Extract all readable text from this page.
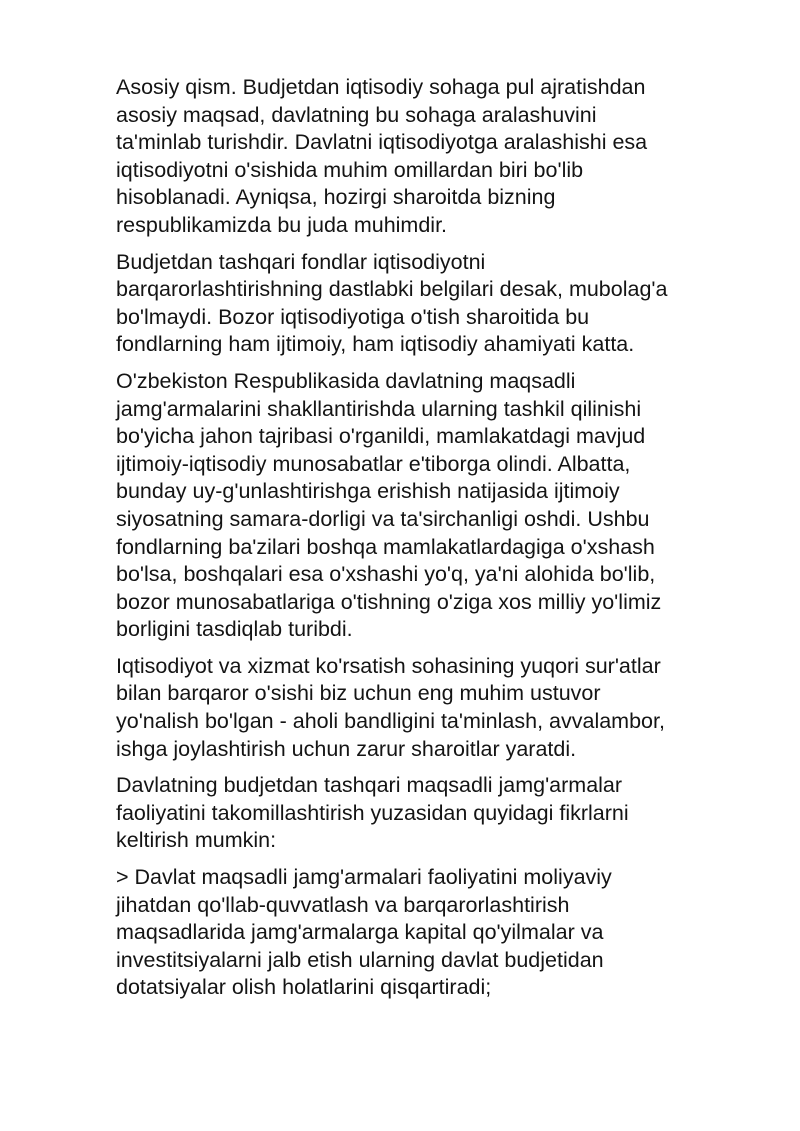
Asosiy qism. Budjetdan iqtisodiy sohaga pul ajratishdan
asosiy maqsad, davlatning bu sohaga aralashuvini
ta'minlab turishdir. Davlatni iqtisodiyotga aralashishi esa
iqtisodiyotni o'sishida muhim omillardan biri bo'lib
hisoblanadi. Ayniqsa, hozirgi sharoitda bizning
respublikamizda bu juda muhimdir.

Budjetdan tashqari fondlar iqtisodiyotni
barqarorlashtirishning dastlabki belgilari desak, mubolag'a
bo'lmaydi. Bozor iqtisodiyotiga o'tish sharoitida bu
fondlarning ham ijtimoiy, ham iqtisodiy ahamiyati katta.

O'zbekiston Respublikasida davlatning maqsadli
jamg'armalarini shakllantirishda ularning tashkil qilinishi
bo'yicha jahon tajribasi o'rganildi, mamlakatdagi mavjud
ijtimoiy-iqtisodiy munosabatlar e'tiborga olindi. Albatta,
bunday uy-g'unlashtirishga erishish natijasida ijtimoiy
siyosatning samara-dorligi va ta'sirchanligi oshdi. Ushbu
fondlarning ba'zilari boshqa mamlakatlardagiga o'xshash
bo'lsa, boshqalari esa o'xshashi yo'q, ya'ni alohida bo'lib,
bozor munosabatlariga o'tishning o'ziga xos milliy yo'limiz
borligini tasdiqlab turibdi.

Iqtisodiyot va xizmat ko'rsatish sohasining yuqori sur'atlar
bilan barqaror o'sishi biz uchun eng muhim ustuvor
yo'nalish bo'lgan - aholi bandligini ta'minlash, avvalambor,
ishga joylashtirish uchun zarur sharoitlar yaratdi.

Davlatning budjetdan tashqari maqsadli jamg'armalar
faoliyatini takomillashtirish yuzasidan quyidagi fikrlarni
keltirish mumkin:

> Davlat maqsadli jamg'armalari faoliyatini moliyaviy
jihatdan qo'llab-quvvatlash va barqarorlashtirish
maqsadlarida jamg'armalarga kapital qo'yilmalar va
investitsiyalarni jalb etish ularning davlat budjetidan
dotatsiyalar olish holatlarini qisqartiradi;
